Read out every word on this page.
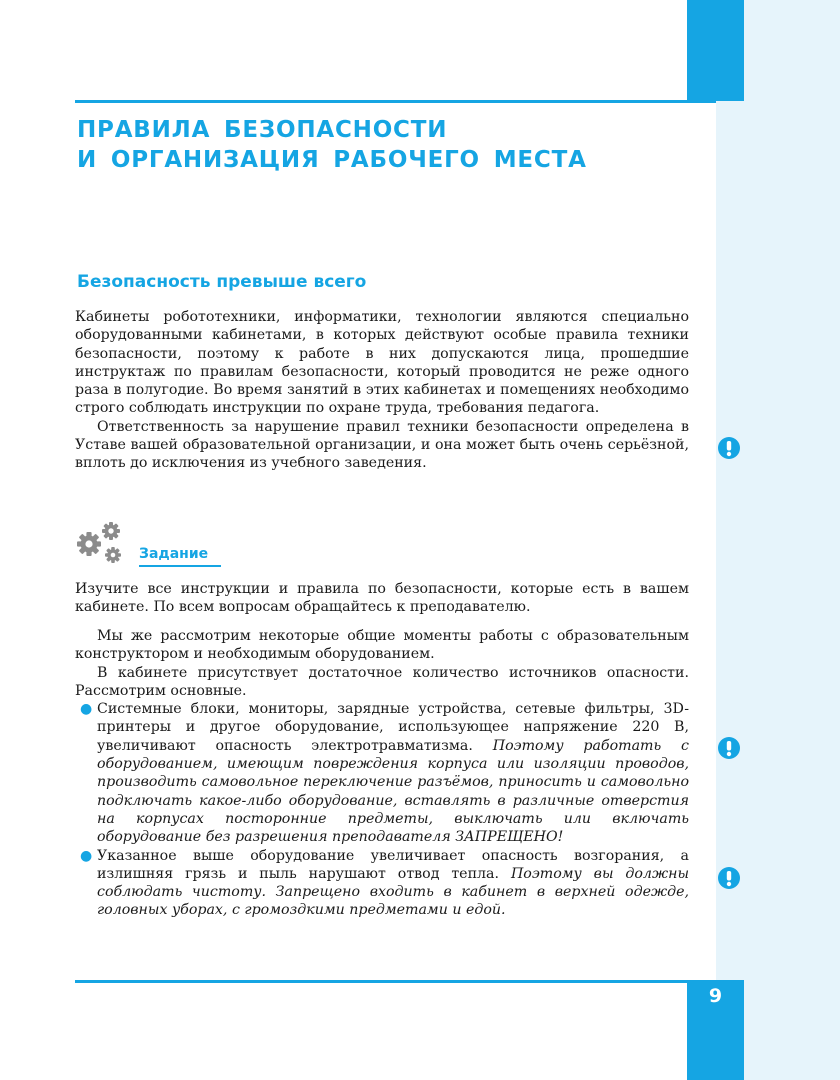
ПРАВИЛА БЕЗОПАСНОСТИ
И ОРГАНИЗАЦИЯ РАБОЧЕГО МЕСТА
Безопасность превыше всего

Кабинеты робототехники, информатики, технологии являются специально оборудованными кабинетами, в которых действуют особые правила техники безопасности, поэтому к работе в них допускаются лица, прошедшие инструктаж по правилам безопасности, который проводится не реже одного раза в полугодие. Во время занятий в этих кабинетах и помещениях необходимо строго соблюдать инструкции по охране труда, требования педагога.

Ответственность за нарушение правил техники безопасности определена в Уставе вашей образовательной организации, и она может быть очень серьёзной, вплоть до исключения из учебного заведения.

Задание

Изучите все инструкции и правила по безопасности, которые есть в вашем кабинете. По всем вопросам обращайтесь к преподавателю.

Мы же рассмотрим некоторые общие моменты работы с образовательным конструктором и необходимым оборудованием.

В кабинете присутствует достаточное количество источников опасности. Рассмотрим основные.

● Системные блоки, мониторы, зарядные устройства, сетевые фильтры, 3D-принтеры и другое оборудование, использующее напряжение 220 В, увеличивают опасность электротравматизма. Поэтому работать с оборудованием, имеющим повреждения корпуса или изоляции проводов, производить самовольное переключение разъёмов, приносить и самовольно подключать какое-либо оборудование, вставлять в различные отверстия на корпусах посторонние предметы, выключать или включать оборудование без разрешения преподавателя ЗАПРЕЩЕНО!
● Указанное выше оборудование увеличивает опасность возгорания, а излишняя грязь и пыль нарушают отвод тепла. Поэтому вы должны соблюдать чистоту. Запрещено входить в кабинет в верхней одежде, головных уборах, с громоздкими предметами и едой.
9
